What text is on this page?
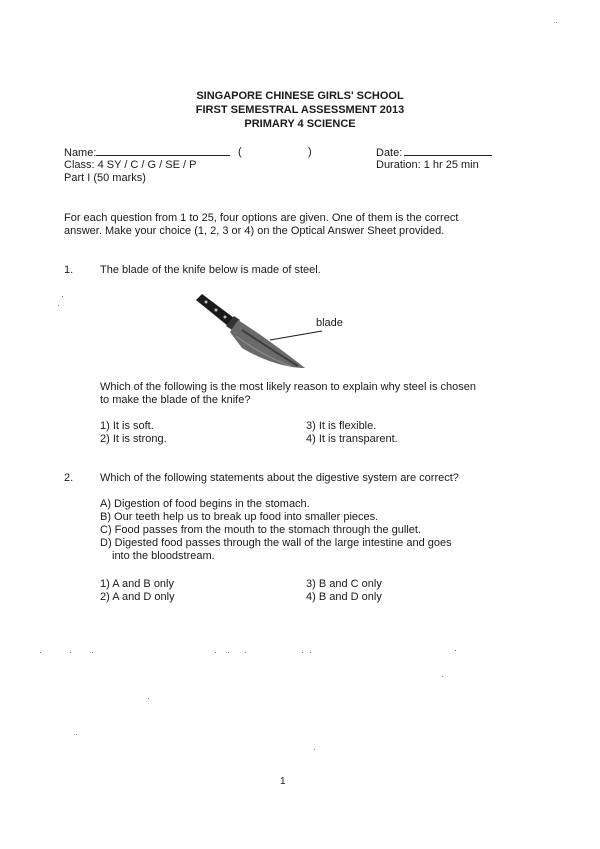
SINGAPORE CHINESE GIRLS' SCHOOL
FIRST SEMESTRAL ASSESSMENT 2013
PRIMARY 4 SCIENCE
Name:	(	)	Date:
Class: 4 SY / C / G / SE / P	Duration: 1 hr 25 min
Part I (50 marks)
For each question from 1 to 25, four options are given. One of them is the correct
answer. Make your choice (1, 2, 3 or 4) on the Optical Answer Sheet provided.
1. The blade of the knife below is made of steel.
blade
Which of the following is the most likely reason to explain why steel is chosen
to make the blade of the knife?
1) It is soft.
2) It is strong.
3) It is flexible.
4) It is transparent.
2. Which of the following statements about the digestive system are correct?
A) Digestion of food begins in the stomach.
B) Our teeth help us to break up food into smaller pieces.
C) Food passes from the mouth to the stomach through the gullet.
D) Digested food passes through the wall of the large intestine and goes
into the bloodstream.
1) A and B only
2) A and D only
3) B and C only
4) B and D only
1
